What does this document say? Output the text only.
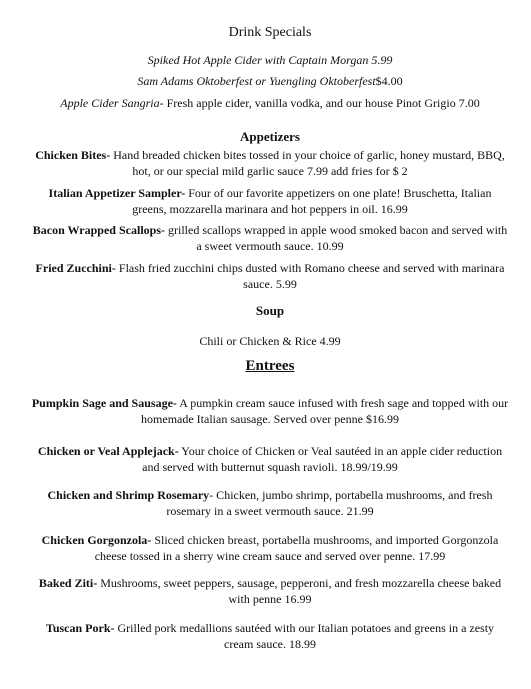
Drink Specials

Spiked Hot Apple Cider with Captain Morgan 5.99

Sam Adams Oktoberfest or Yuengling Oktoberfest$4.00

Apple Cider Sangria- Fresh apple cider, vanilla vodka, and our house Pinot Grigio 7.00

Appetizers

Chicken Bites- Hand breaded chicken bites tossed in your choice of garlic, honey mustard, BBQ, hot, or our special mild garlic sauce 7.99 add fries for $ 2

Italian Appetizer Sampler- Four of our favorite appetizers on one plate! Bruschetta, Italian greens, mozzarella marinara and hot peppers in oil. 16.99

Bacon Wrapped Scallops- grilled scallops wrapped in apple wood smoked bacon and served with a sweet vermouth sauce. 10.99

Fried Zucchini- Flash fried zucchini chips dusted with Romano cheese and served with marinara sauce. 5.99

Soup

Chili or Chicken & Rice 4.99

Entrees

Pumpkin Sage and Sausage- A pumpkin cream sauce infused with fresh sage and topped with our homemade Italian sausage. Served over penne $16.99

Chicken or Veal Applejack- Your choice of Chicken or Veal sautéed in an apple cider reduction and served with butternut squash ravioli. 18.99/19.99

Chicken and Shrimp Rosemary- Chicken, jumbo shrimp, portabella mushrooms, and fresh rosemary in a sweet vermouth sauce. 21.99

Chicken Gorgonzola- Sliced chicken breast, portabella mushrooms, and imported Gorgonzola cheese tossed in a sherry wine cream sauce and served over penne. 17.99

Baked Ziti- Mushrooms, sweet peppers, sausage, pepperoni, and fresh mozzarella cheese baked with penne 16.99

Tuscan Pork- Grilled pork medallions sautéed with our Italian potatoes and greens in a zesty cream sauce. 18.99
